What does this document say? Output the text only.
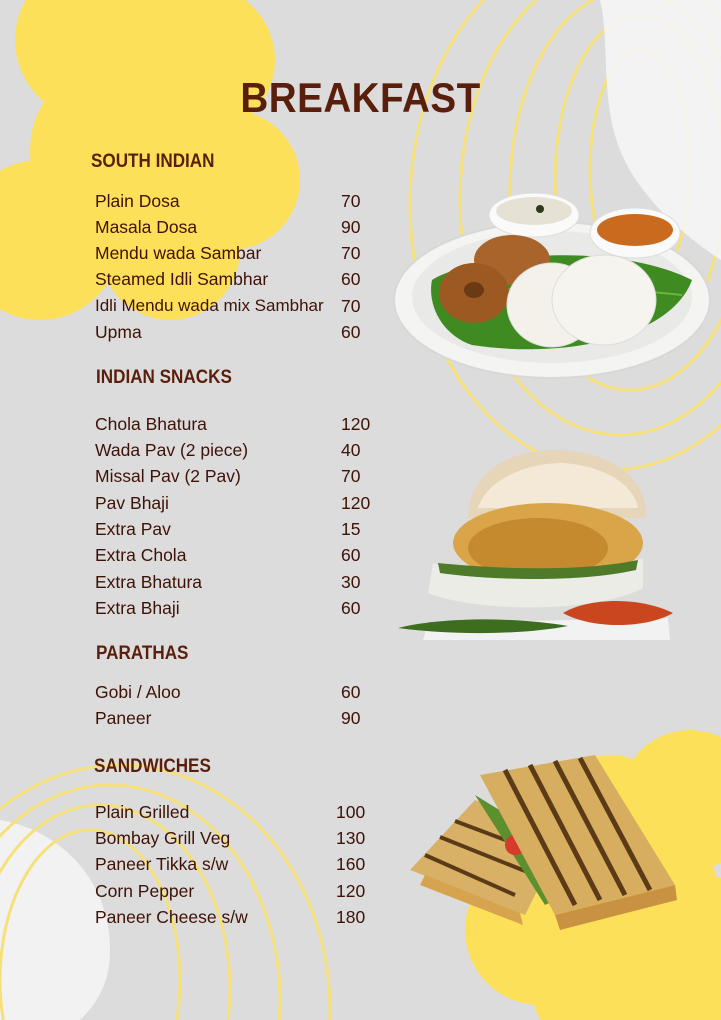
BREAKFAST
SOUTH INDIAN
Plain Dosa	70
Masala Dosa	90
Mendu wada Sambar	70
Steamed Idli Sambhar	60
Idli Mendu wada mix Sambhar 70
Upma	60
INDIAN SNACKS
Chola Bhatura	120
Wada Pav (2 piece)	40
Missal Pav (2 Pav)	70
Pav Bhaji	120
Extra Pav	15
Extra Chola	60
Extra Bhatura	30
Extra Bhaji	60
PARATHAS
Gobi / Aloo	60
Paneer	90
SANDWICHES
Plain Grilled	100
Bombay Grill Veg	130
Paneer Tikka s/w	160
Corn Pepper	120
Paneer Cheese s/w	180
